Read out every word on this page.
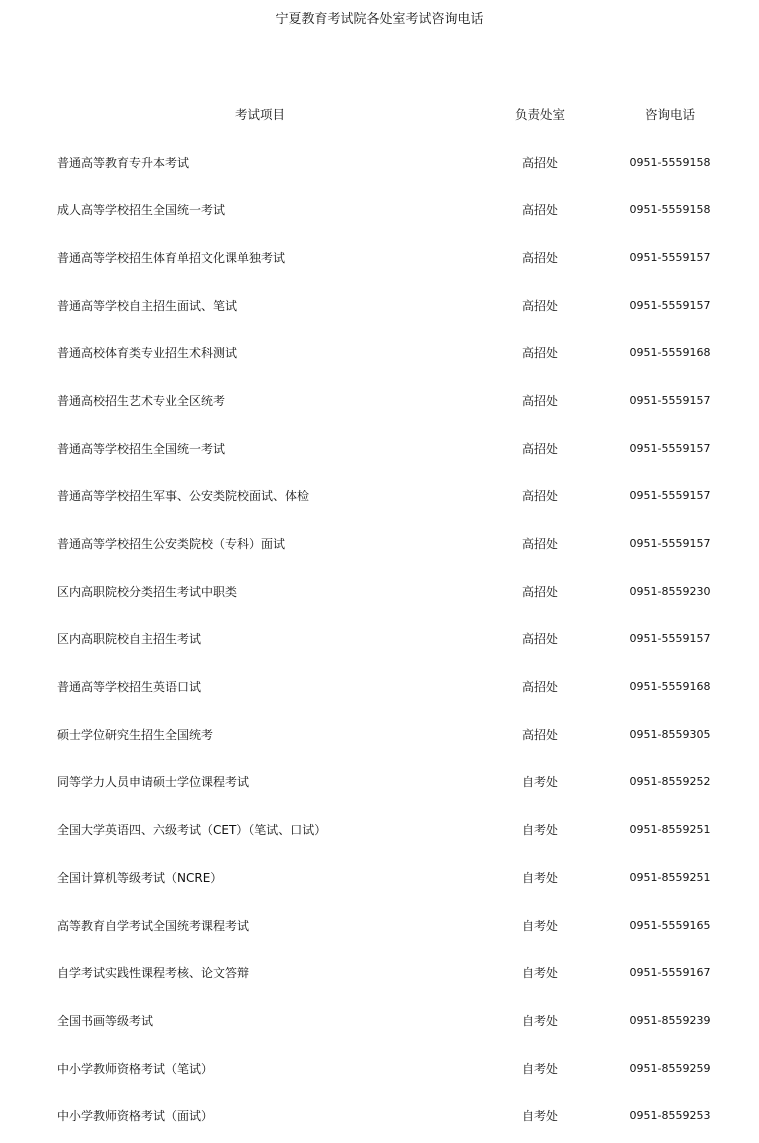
宁夏教育考试院各处室考试咨询电话
考试项目	负责处室	咨询电话
普通高等教育专升本考试	高招处	0951-5559158
成人高等学校招生全国统一考试	高招处	0951-5559158
普通高等学校招生体育单招文化课单独考试	高招处	0951-5559157
普通高等学校自主招生面试、笔试	高招处	0951-5559157
普通高校体育类专业招生术科测试	高招处	0951-5559168
普通高校招生艺术专业全区统考	高招处	0951-5559157
普通高等学校招生全国统一考试	高招处	0951-5559157
普通高等学校招生军事、公安类院校面试、体检	高招处	0951-5559157
普通高等学校招生公安类院校（专科）面试	高招处	0951-5559157
区内高职院校分类招生考试中职类	高招处	0951-8559230
区内高职院校自主招生考试	高招处	0951-5559157
普通高等学校招生英语口试	高招处	0951-5559168
硕士学位研究生招生全国统考	高招处	0951-8559305
同等学力人员申请硕士学位课程考试	自考处	0951-8559252
全国大学英语四、六级考试（CET）（笔试、口试）	自考处	0951-8559251
全国计算机等级考试（NCRE）	自考处	0951-8559251
高等教育自学考试全国统考课程考试	自考处	0951-5559165
自学考试实践性课程考核、论文答辩	自考处	0951-5559167
全国书画等级考试	自考处	0951-8559239
中小学教师资格考试（笔试）	自考处	0951-8559259
中小学教师资格考试（面试）	自考处	0951-8559253
